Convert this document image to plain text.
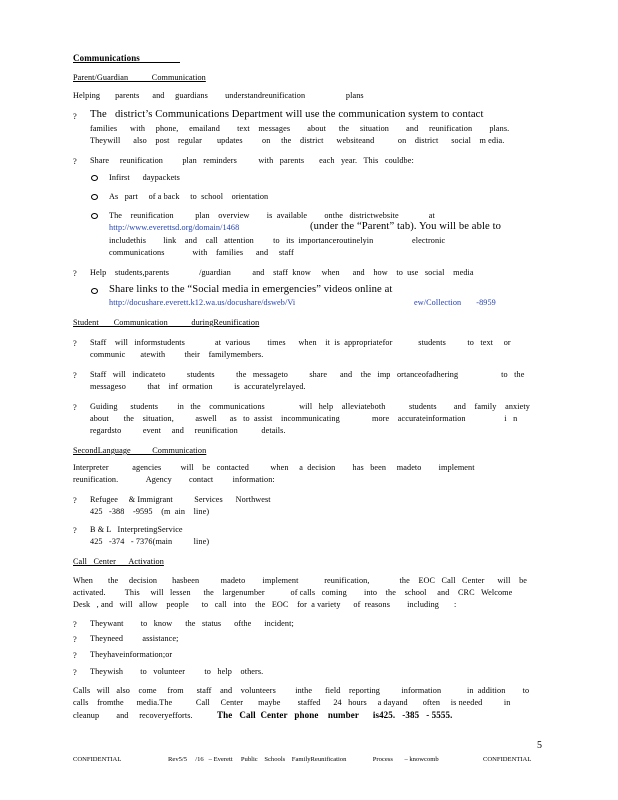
Communications
Parent/Guardian           Communication
Helping       parents      and     guardians        understandreunification                   plans
? The   district’s Communications Department will use the communication system to contact
families      with     phone,     emailand        text    messages        about      the     situation        and     reunification        plans.
Theywill      also    post    regular       updates         on     the    district      websiteand           on    district      social    m edia.
? Share     reunification         plan   reminders          with   parents       each   year.   This   couldbe:
Infirst      daypackets
As   part     of a back     to  school    orientation
The    reunification          plan    overview        is  available        onthe   districtwebsite              at
http://www.everettsd.org/domain/1468	(under the “Parent” tab). You will be able to
includethis        link    and    call   attention         to   its  importanceroutinelyin                  electronic
communications             with    families      and     staff
? Help    students,parents              /guardian          and    staff  know     when      and    how    to  use   social    media
Share links to the “Social media in emergencies” videos online at
http://docushare.everett.k12.wa.us/docushare/dsweb/Vi	ew/Collection       -8959
Student       Communication           duringReunification
? Staff    will   informstudents              at  various        times      when    it  is  appropriatefor            students          to   text     or
communic       atewith         their    familymembers.
? Staff   will   indicateto          students          the   messageto          share      and    the   imp   ortanceofadhering                    to   the
messageso          that    inf  ormation          is  accuratelyrelayed.
? Guiding      students         in   the    communications                will   help    alleviateboth           students        and    family    anxiety
about       the    situation,          aswell      as   to  assist    incommunicating               more    accurateinformation                  i   n
regardsto          event     and     reunification           details.
SecondLanguage          Communication
Interpreter           agencies         will    be   contacted          when     a  decision        has   been     madeto        implement
reunification.             Agency        contact         information:
? Refugee     & Immigrant          Services      Northwest
425   -388    -9595    (m  ain    line)
? B & L   InterpretingService
425   -374   - 7376(main          line)
Call   Center      Activation
When       the     decision       hasbeen          madeto        implement            reunification,              the    EOC   Call   Center      will    be
activated.         This     will   lessen      the    largenumber            of calls   coming        into    the    school     and    CRC   Welcome
Desk   , and   will   allow    people      to   call   into    the   EOC    for  a variety      of  reasons        including       :
? Theywant        to   know      the   status      ofthe      incident;
? Theyneed         assistance;
? Theyhaveinformation;or
? Theywish        to   volunteer         to   help    others.
Calls   will   also    come     from      staff    and    volunteers         inthe      field    reporting          information            in  addition        to
calls    fromthe      media.The           Call     Center       maybe        staffed      24   hours     a dayand       often     is needed          in
cleanup        and     recoveryefforts.	The   Call  Center   phone    number      is425.   -385   - 5555.
5
CONFIDENTIAL	Rev5/5     /16   – Everett     Public    Schools    FamilyReunification                Process       – knowcomb	CONFIDENTIAL
